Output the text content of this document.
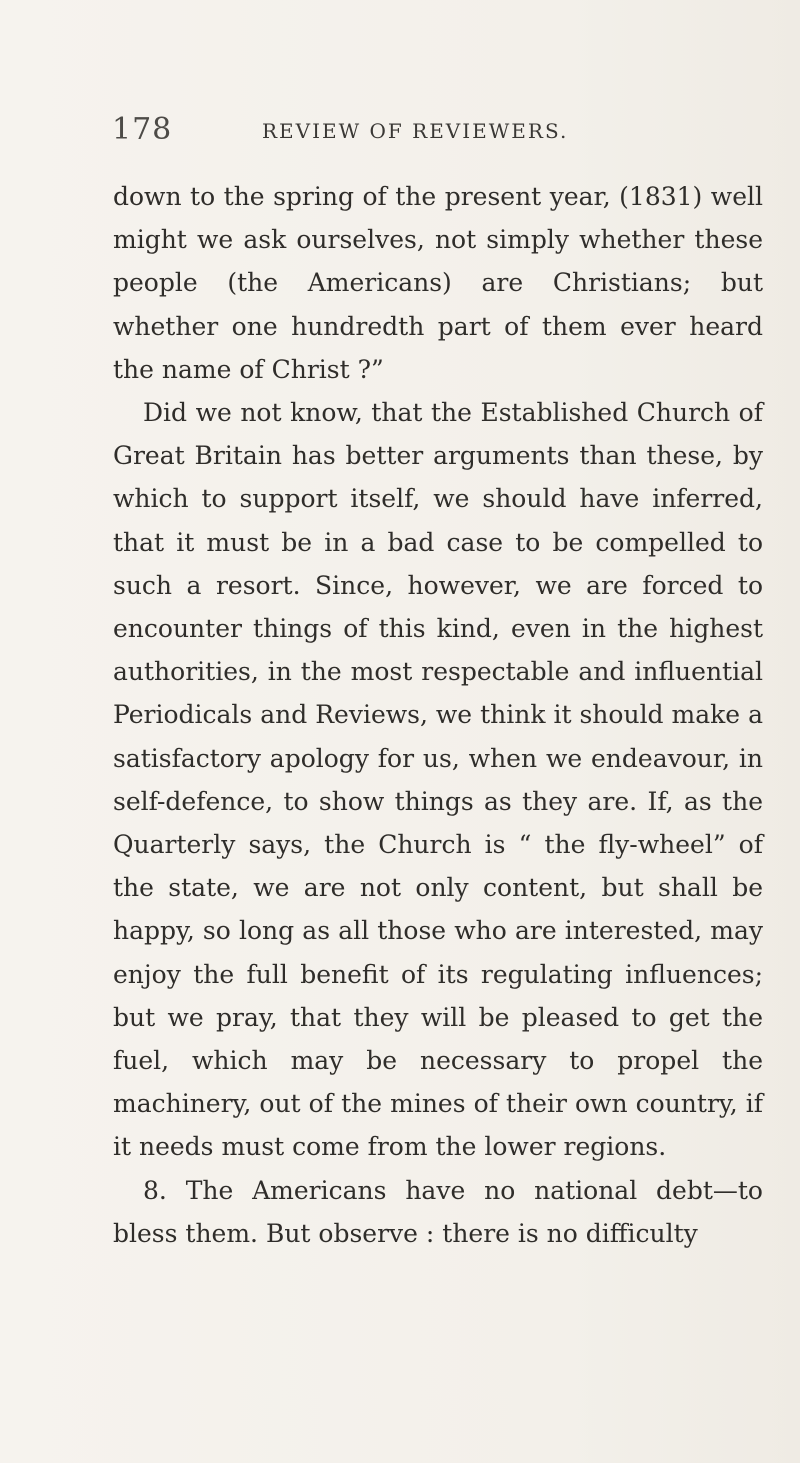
178	REVIEW OF REVIEWERS.

down to the spring of the present year, (1831) well might we ask ourselves, not simply whether these people (the Americans) are Christians; but whether one hundredth part of them ever heard the name of Christ ?”

Did we not know, that the Established Church of Great Britain has better arguments than these, by which to support itself, we should have inferred, that it must be in a bad case to be compelled to such a resort. Since, however, we are forced to encounter things of this kind, even in the highest authorities, in the most respectable and influential Periodicals and Reviews, we think it should make a satisfactory apology for us, when we endeavour, in self-defence, to show things as they are. If, as the Quarterly says, the Church is “ the fly-wheel” of the state, we are not only content, but shall be happy, so long as all those who are interested, may enjoy the full benefit of its regulating influences; but we pray, that they will be pleased to get the fuel, which may be necessary to propel the machinery, out of the mines of their own country, if it needs must come from the lower regions.

8. The Americans have no national debt—to bless them. But observe : there is no difficulty
